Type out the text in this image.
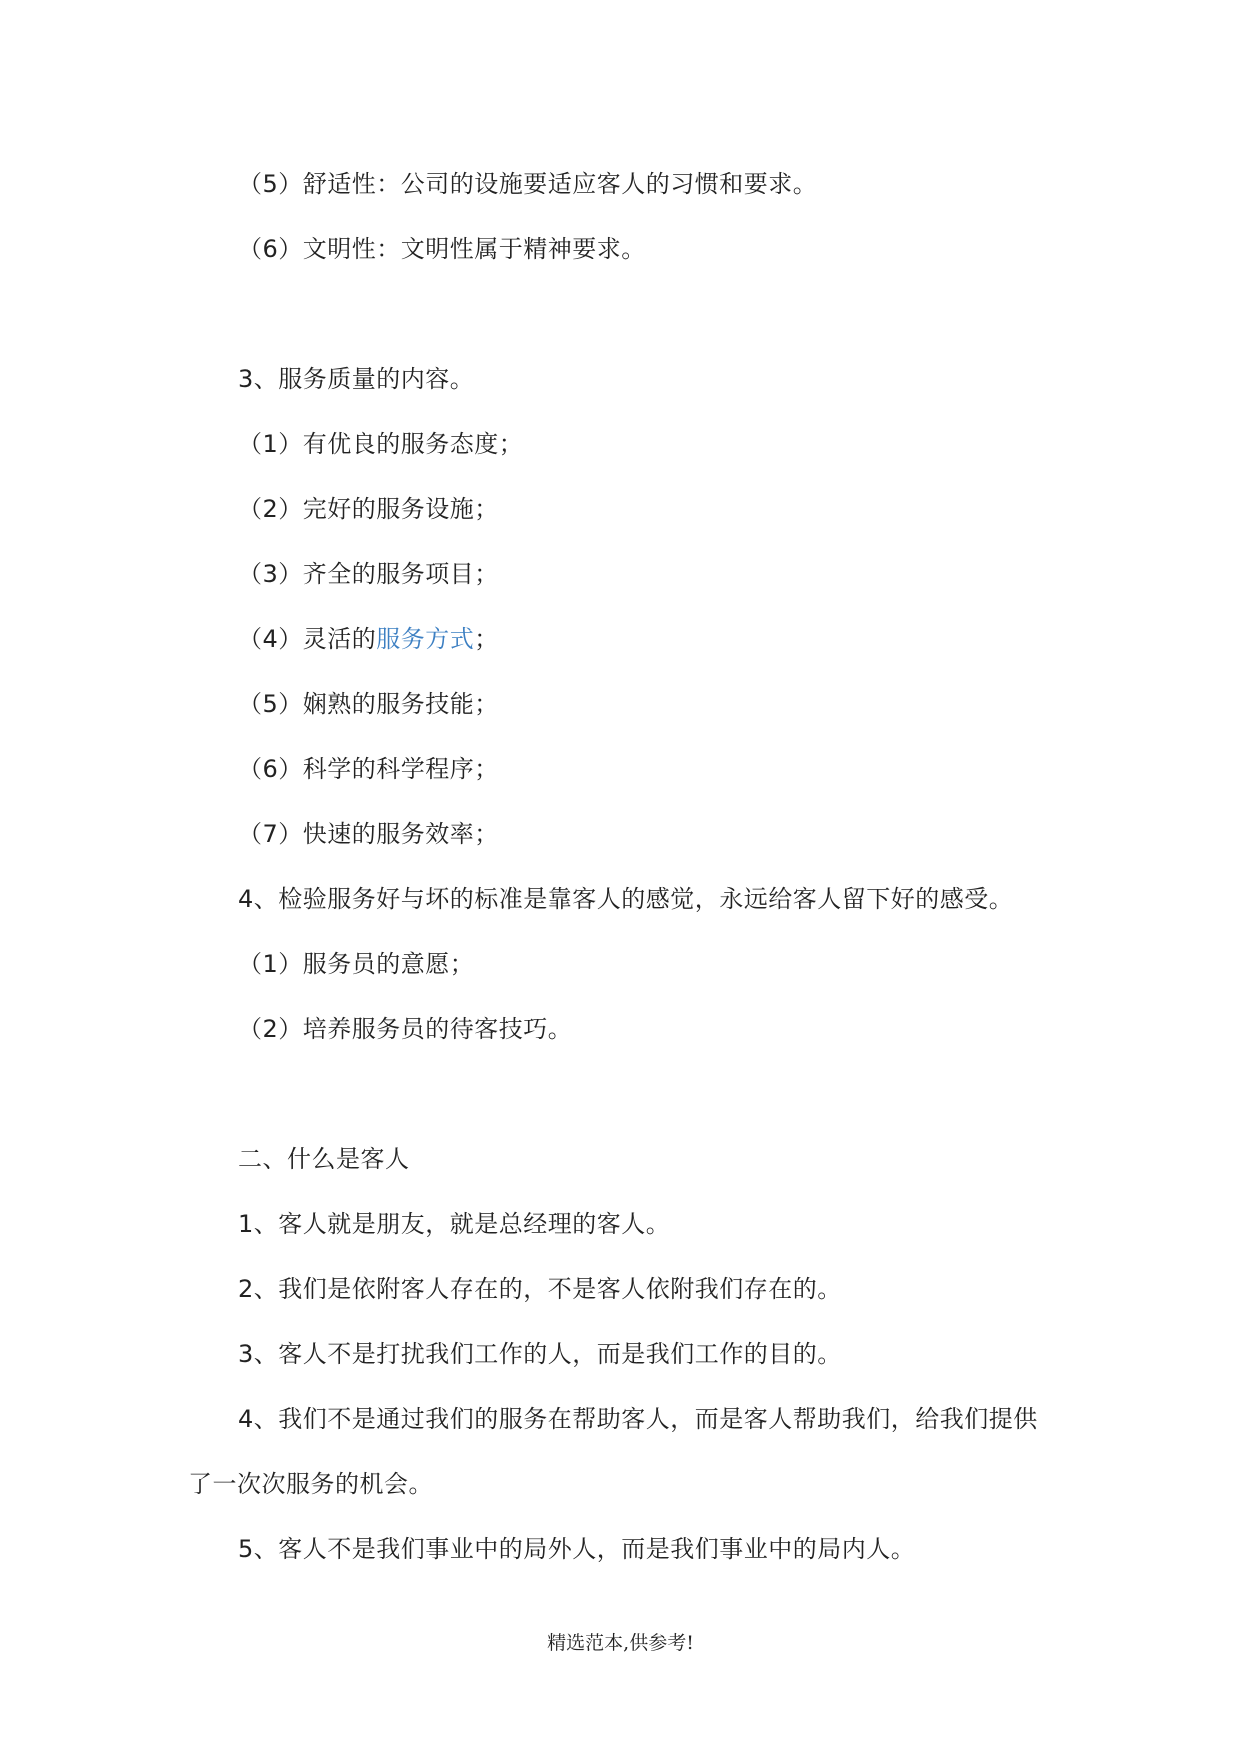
（5）舒适性：公司的设施要适应客人的习惯和要求。
（6）文明性：文明性属于精神要求。
3、服务质量的内容。
（1）有优良的服务态度；
（2）完好的服务设施；
（3）齐全的服务项目；
（4）灵活的服务方式；
（5）娴熟的服务技能；
（6）科学的科学程序；
（7）快速的服务效率；
4、检验服务好与坏的标准是靠客人的感觉，永远给客人留下好的感受。
（1）服务员的意愿；
（2）培养服务员的待客技巧。
二、什么是客人
1、客人就是朋友，就是总经理的客人。
2、我们是依附客人存在的，不是客人依附我们存在的。
3、客人不是打扰我们工作的人，而是我们工作的目的。
4、我们不是通过我们的服务在帮助客人，而是客人帮助我们，给我们提供
了一次次服务的机会。
5、客人不是我们事业中的局外人，而是我们事业中的局内人。
精选范本,供参考!
